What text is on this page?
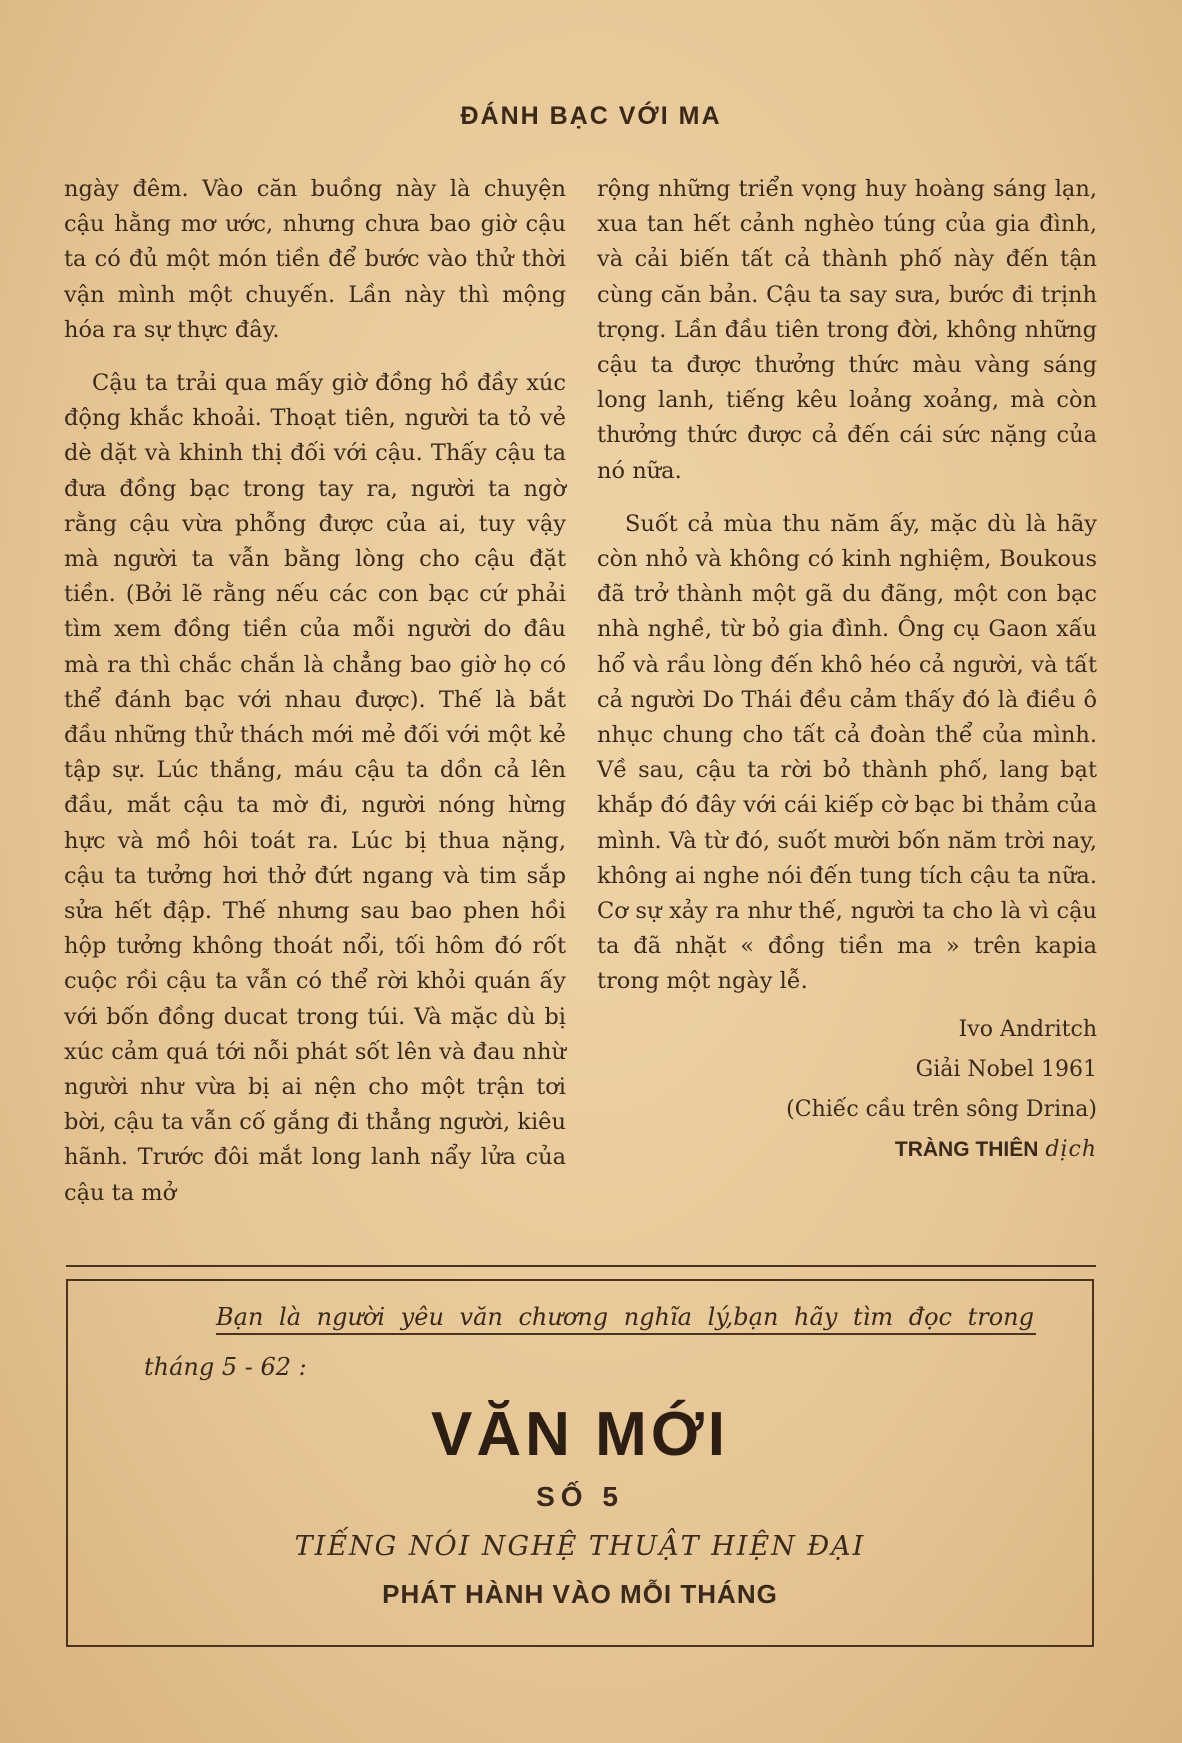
ĐÁNH BẠC VỚI MA

ngày đêm. Vào căn buồng này là chuyện cậu hằng mơ ước, nhưng chưa bao giờ cậu ta có đủ một món tiền để bước vào thử thời vận mình một chuyến. Lần này thì mộng hóa ra sự thực đây.

Cậu ta trải qua mấy giờ đồng hồ đầy xúc động khắc khoải. Thoạt tiên, người ta tỏ vẻ dè dặt và khinh thị đối với cậu. Thấy cậu ta đưa đồng bạc trong tay ra, người ta ngờ rằng cậu vừa phỗng được của ai, tuy vậy mà người ta vẫn bằng lòng cho cậu đặt tiền. (Bởi lẽ rằng nếu các con bạc cứ phải tìm xem đồng tiền của mỗi người do đâu mà ra thì chắc chắn là chẳng bao giờ họ có thể đánh bạc với nhau được). Thế là bắt đầu những thử thách mới mẻ đối với một kẻ tập sự. Lúc thắng, máu cậu ta dồn cả lên đầu, mắt cậu ta mờ đi, người nóng hừng hực và mồ hôi toát ra. Lúc bị thua nặng, cậu ta tưởng hơi thở đứt ngang và tim sắp sửa hết đập. Thế nhưng sau bao phen hồi hộp tưởng không thoát nổi, tối hôm đó rốt cuộc rồi cậu ta vẫn có thể rời khỏi quán ấy với bốn đồng ducat trong túi. Và mặc dù bị xúc cảm quá tới nỗi phát sốt lên và đau nhừ người như vừa bị ai nện cho một trận tơi bời, cậu ta vẫn cố gắng đi thẳng người, kiêu hãnh. Trước đôi mắt long lanh nẩy lửa của cậu ta mở

rộng những triển vọng huy hoàng sáng lạn, xua tan hết cảnh nghèo túng của gia đình, và cải biến tất cả thành phố này đến tận cùng căn bản. Cậu ta say sưa, bước đi trịnh trọng. Lần đầu tiên trong đời, không những cậu ta được thưởng thức màu vàng sáng long lanh, tiếng kêu loảng xoảng, mà còn thưởng thức được cả đến cái sức nặng của nó nữa.

Suốt cả mùa thu năm ấy, mặc dù là hãy còn nhỏ và không có kinh nghiệm, Boukous đã trở thành một gã du đãng, một con bạc nhà nghề, từ bỏ gia đình. Ông cụ Gaon xấu hổ và rầu lòng đến khô héo cả người, và tất cả người Do Thái đều cảm thấy đó là điều ô nhục chung cho tất cả đoàn thể của mình. Về sau, cậu ta rời bỏ thành phố, lang bạt khắp đó đây với cái kiếp cờ bạc bi thảm của mình. Và từ đó, suốt mười bốn năm trời nay, không ai nghe nói đến tung tích cậu ta nữa. Cơ sự xảy ra như thế, người ta cho là vì cậu ta đã nhặt « đồng tiền ma » trên kapia trong một ngày lễ.

Ivo Andritch
Giải Nobel 1961
(Chiếc cầu trên sông Drina)
TRÀNG THIÊN dịch
Bạn là người yêu văn chương nghĩa lý,bạn hãy tìm đọc trong
tháng 5 - 62 :
VĂN MỚI
SỐ 5
TIẾNG NÓI NGHỆ THUẬT HIỆN ĐẠI
PHÁT HÀNH VÀO MỖI THÁNG
